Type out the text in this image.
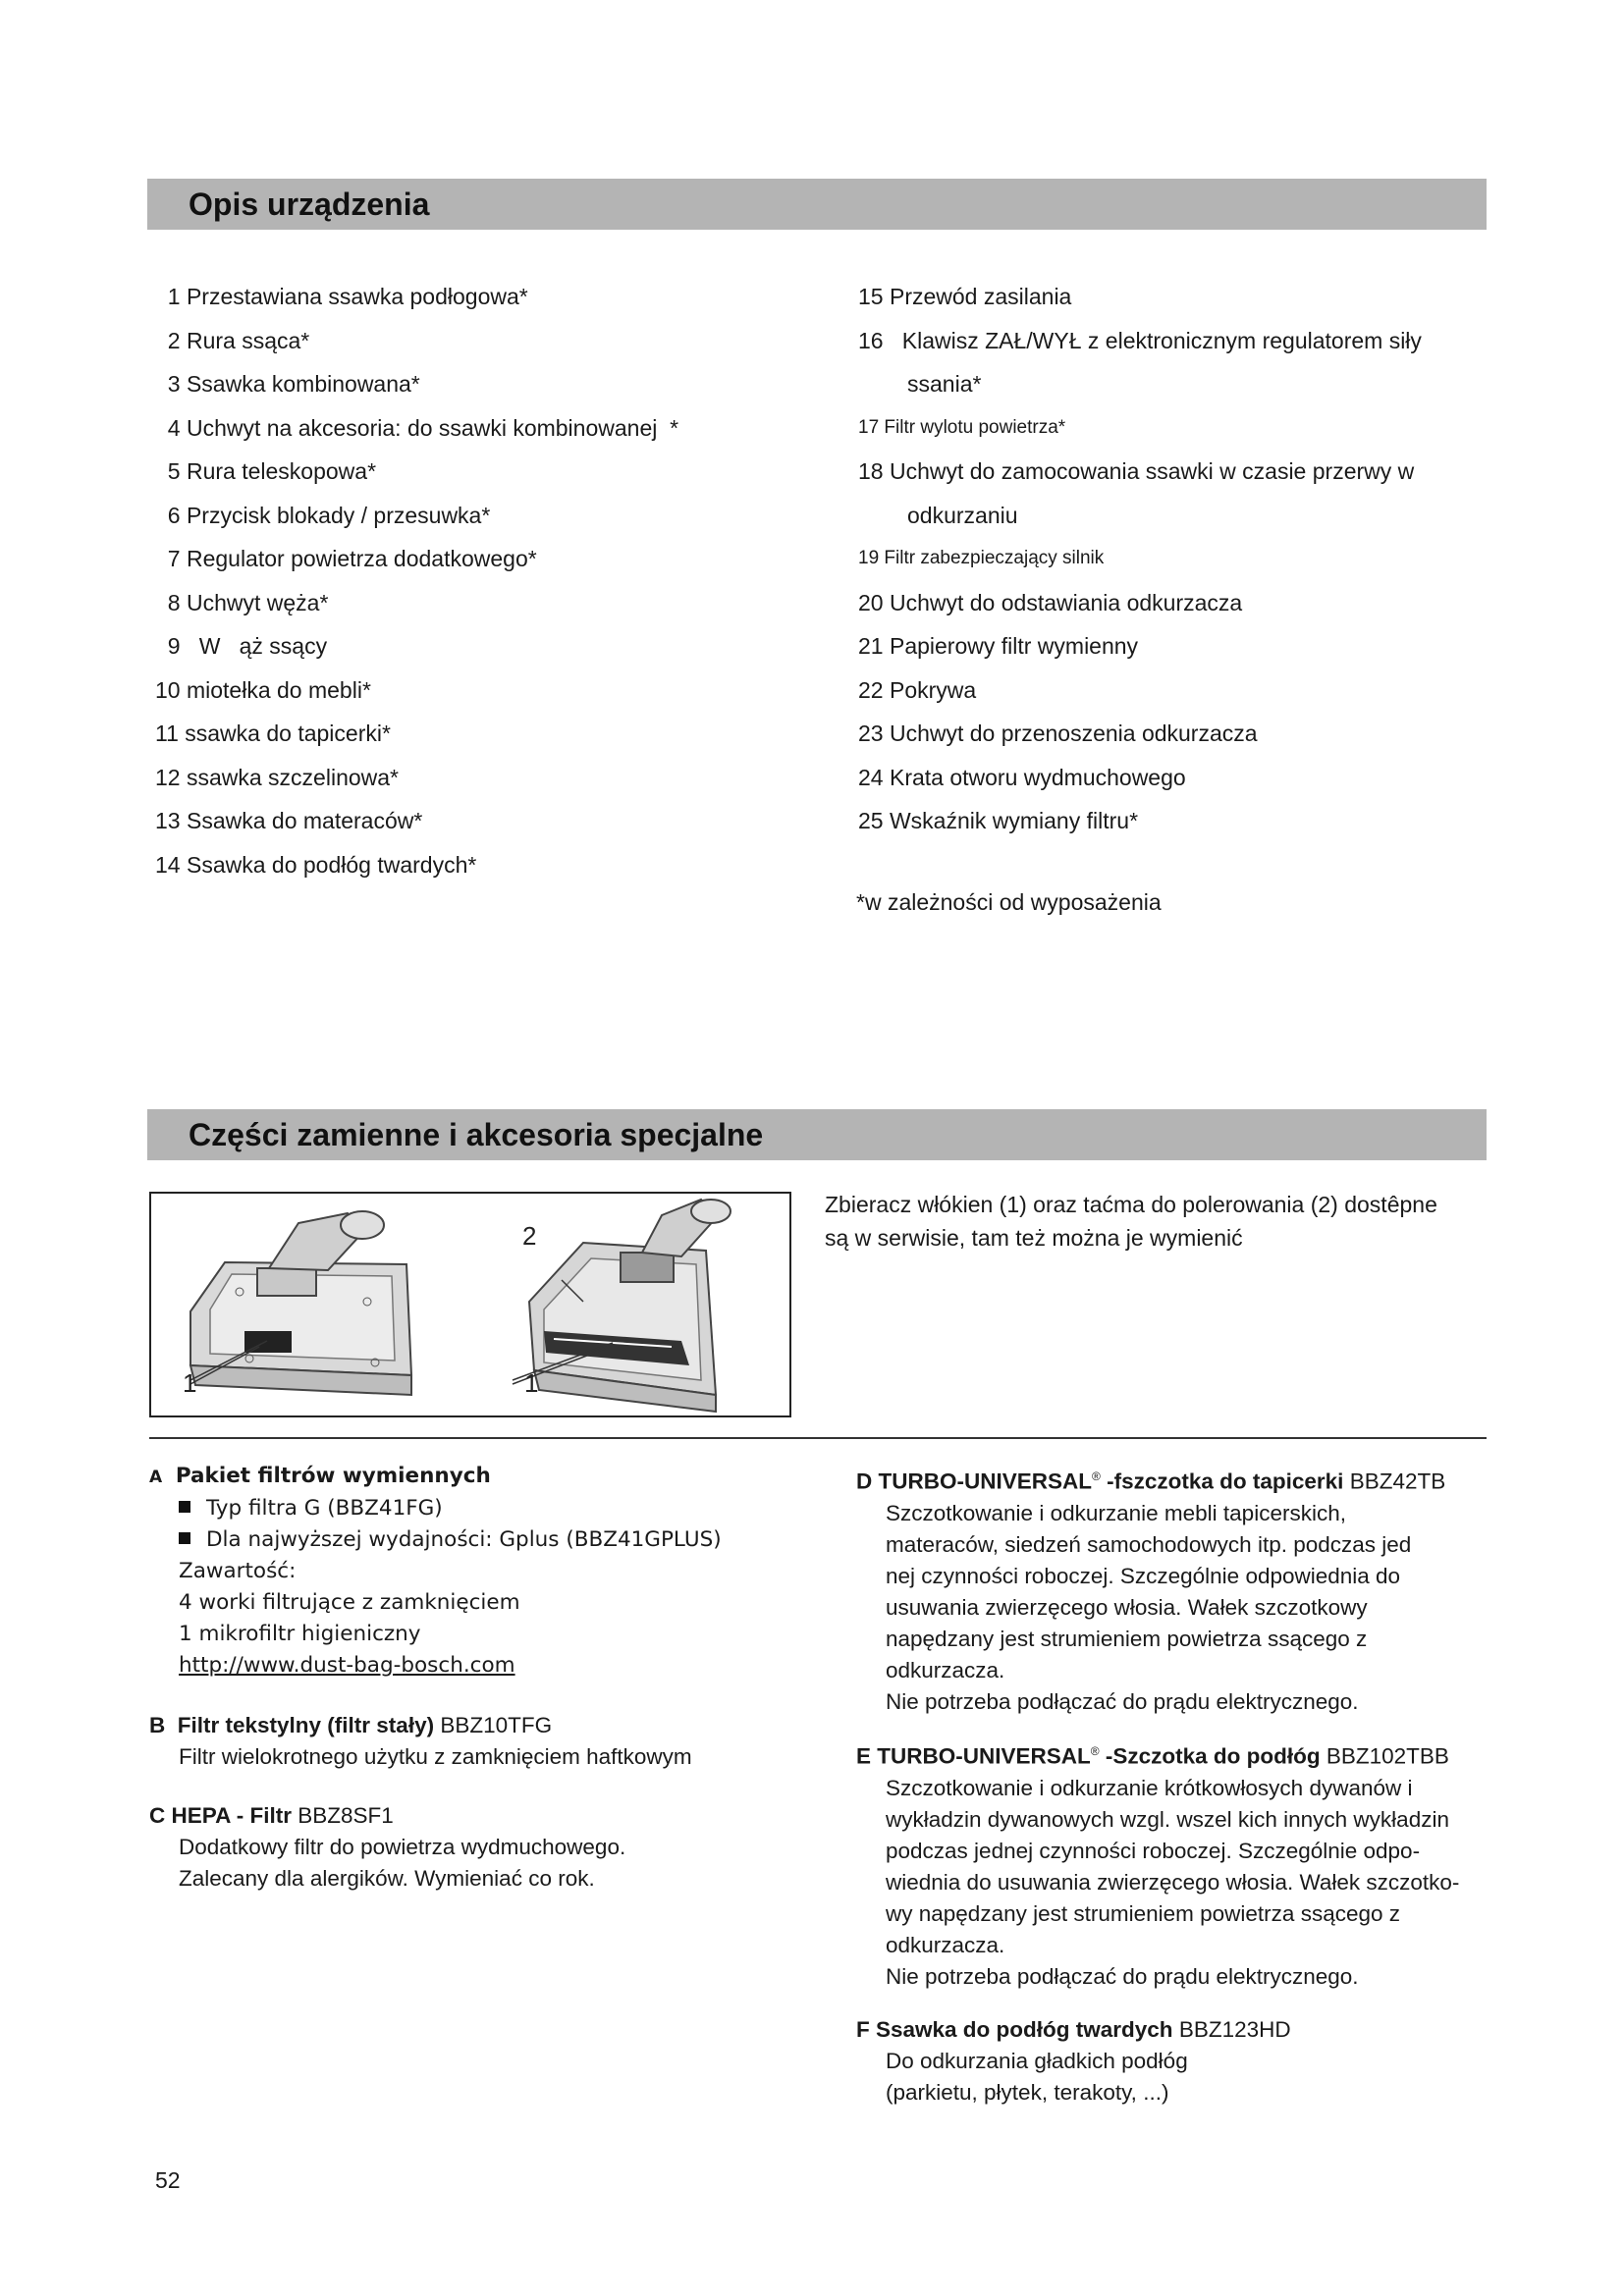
Opis urządzenia
1 Przestawiana ssawka podłogowa*
2 Rura ssąca*
3 Ssawka kombinowana*
4 Uchwyt na akcesoria: do ssawki kombinowanej  *
5 Rura teleskopowa*
6 Przycisk blokady / przesuwka*
7 Regulator powietrza dodatkowego*
8 Uchwyt węża*
9   W   ąż ssący
10 miotełka do mebli*
11 ssawka do tapicerki*
12 ssawka szczelinowa*
13 Ssawka do materaców*
14 Ssawka do podłóg twardych*
15 Przewód zasilania
16   Klawisz ZAŁ/WYŁ z elektronicznym regulatorem siły
ssania*
17 Filtr wylotu powietrza*
18 Uchwyt do zamocowania ssawki w czasie przerwy w
odkurzaniu
19 Filtr zabezpieczający silnik
20 Uchwyt do odstawiania odkurzacza
21 Papierowy filtr wymienny
22 Pokrywa
23 Uchwyt do przenoszenia odkurzacza
24 Krata otworu wydmuchowego
25 Wskaźnik wymiany filtru*
*w zależności od wyposażenia
Części zamienne i akcesoria specjalne
1
2
1
Zbieracz włókien (1) oraz taćma do polerowania (2) dostêpne
są w serwisie, tam też można je wymienić
A Pakiet filtrów wymiennych
Typ filtra G (BBZ41FG)
Dla najwyższej wydajności: Gplus (BBZ41GPLUS)
Zawartość:
4 worki filtrujące z zamknięciem
1 mikrofiltr higieniczny
http://www.dust-bag-bosch.com
B Filtr tekstylny (filtr stały) BBZ10TFG
Filtr wielokrotnego użytku z zamknięciem haftkowym
C HEPA - Filtr BBZ8SF1
Dodatkowy filtr do powietrza wydmuchowego.
Zalecany dla alergików. Wymieniać co rok.
D TURBO-UNIVERSAL® -fszczotka do tapicerki BBZ42TB
Szczotkowanie i odkurzanie mebli tapicerskich,
materaców, siedzeń samochodowych itp. podczas jed
nej czynności roboczej. Szczególnie odpowiednia do
usuwania zwierzęcego włosia. Wałek szczotkowy
napędzany jest strumieniem powietrza ssącego z
odkurzacza.
Nie potrzeba podłączać do prądu elektrycznego.
E TURBO-UNIVERSAL® -Szczotka do podłóg BBZ102TBB
Szczotkowanie i odkurzanie krótkowłosych dywanów i
wykładzin dywanowych wzgl. wszel kich innych wykładzin
podczas jednej czynności roboczej. Szczególnie odpo-
wiednia do usuwania zwierzęcego włosia. Wałek szczotko-
wy napędzany jest strumieniem powietrza ssącego z
odkurzacza.
Nie potrzeba podłączać do prądu elektrycznego.
F Ssawka do podłóg twardych BBZ123HD
Do odkurzania gładkich podłóg
(parkietu, płytek, terakoty, ...)
52
